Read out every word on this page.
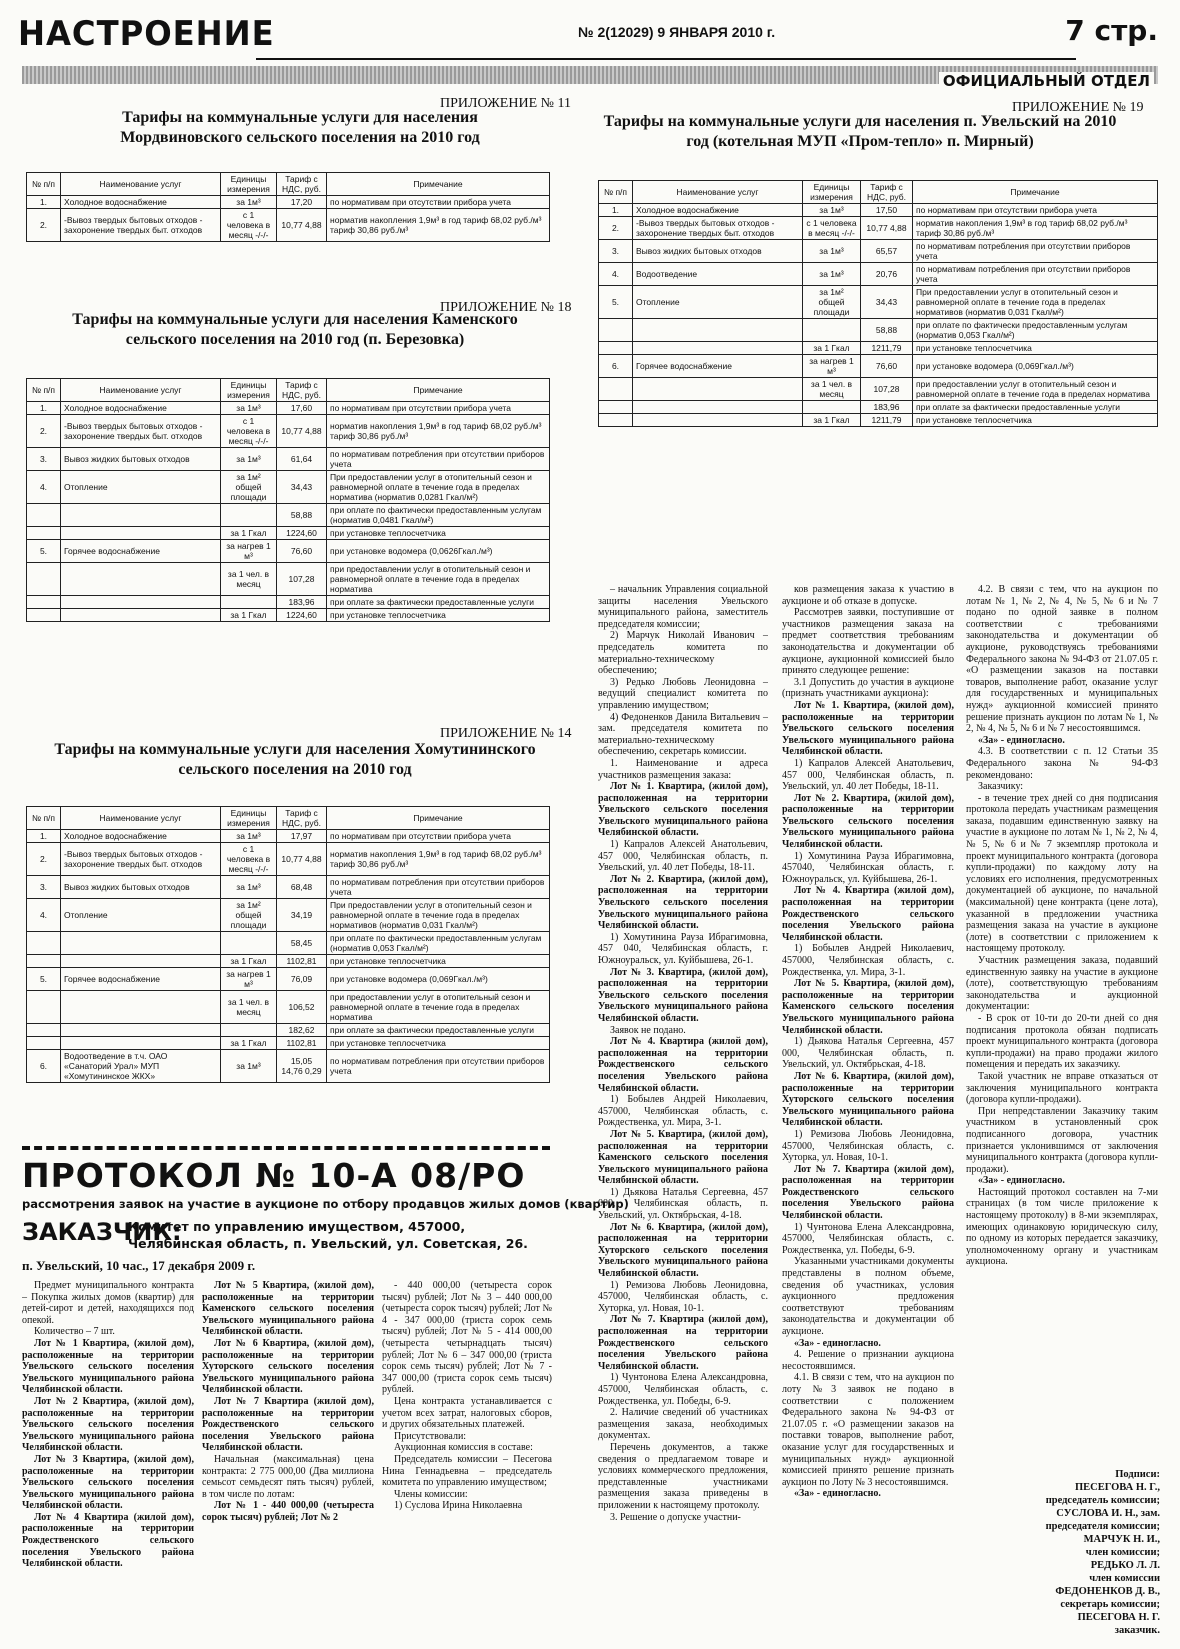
НАСТРОЕНИЕ	№ 2(12029) 9 ЯНВАРЯ 2010 г.	7 стр.
ОФИЦИАЛЬНЫЙ ОТДЕЛ
ПРИЛОЖЕНИЕ № 11
Тарифы на коммунальные услуги для населения Мордвиновского сельского поселения на 2010 год
№ п/п	Наименование услуг	Единицы измерения	Тариф с НДС, руб.	Примечание
1.	Холодное водоснабжение	за 1м³	17,20	по нормативам при отсутствии прибора учета
2.	-Вывоз твердых бытовых отходов - захоронение твердых быт. отходов	с 1 человека в месяц -/-/-	10,77 4,88	норматив накопления 1,9м³ в год тариф 68,02 руб./м³ тариф 30,86 руб./м³
ПРИЛОЖЕНИЕ № 18
Тарифы на коммунальные услуги для населения Каменского сельского поселения на 2010 год (п. Березовка)
№ п/п	Наименование услуг	Единицы измерения	Тариф с НДС, руб.	Примечание
1.	Холодное водоснабжение	за 1м³	17,60	по нормативам при отсутствии прибора учета
2.	-Вывоз твердых бытовых отходов - захоронение твердых быт. отходов	с 1 человека в месяц -/-/-	10,77 4,88	норматив накопления 1,9м³ в год тариф 68,02 руб./м³ тариф 30,86 руб./м³
3.	Вывоз жидких бытовых отходов	за 1м³	61,64	по нормативам потребления при отсутствии приборов учета
4.	Отопление	за 1м² общей площади	34,43	При предоставлении услуг в отопительный сезон и равномерной оплате в течение года в пределах норматива (норматив 0,0281 Гкал/м²)
			58,88	при оплате по фактически предоставленным услугам (норматив 0,0481 Гкал/м²)
		за 1 Гкал	1224,60	при установке теплосчетчика
5.	Горячее водоснабжение	за нагрев 1 м³	76,60	при установке водомера (0,0626Гкал./м³)
		за 1 чел. в месяц	107,28	при предоставлении услуг в отопительный сезон и равномерной оплате в течение года в пределах норматива
			183,96	при оплате за фактически предоставленные услуги
		за 1 Гкал	1224,60	при установке теплосчетчика
ПРИЛОЖЕНИЕ № 14
Тарифы на коммунальные услуги для населения Хомутининского сельского поселения на 2010 год
№ п/п	Наименование услуг	Единицы измерения	Тариф с НДС, руб.	Примечание
1.	Холодное водоснабжение	за 1м³	17,97	по нормативам при отсутствии прибора учета
2.	-Вывоз твердых бытовых отходов - захоронение твердых быт. отходов	с 1 человека в месяц -/-/-	10,77 4,88	норматив накопления 1,9м³ в год тариф 68,02 руб./м³ тариф 30,86 руб./м³
3.	Вывоз жидких бытовых отходов	за 1м³	68,48	по нормативам потребления при отсутствии приборов учета
4.	Отопление	за 1м² общей площади	34,19	При предоставлении услуг в отопительный сезон и равномерной оплате в течение года в пределах нормативов (норматив 0,031 Гкал/м²)
			58,45	при оплате по фактически предоставленным услугам (норматив 0,053 Гкал/м²)
		за 1 Гкал	1102,81	при установке теплосчетчика
5.	Горячее водоснабжение	за нагрев 1 м³	76,09	при установке водомера (0,069Гкал./м³)
		за 1 чел. в месяц	106,52	при предоставлении услуг в отопительный сезон и равномерной оплате в течение года в пределах норматива
			182,62	при оплате за фактически предоставленные услуги
		за 1 Гкал	1102,81	при установке теплосчетчика
6.	Водоотведение в т.ч. ОАО «Санаторий Урал» МУП «Хомутининское ЖКХ»	за 1м³	15,05 14,76 0,29	по нормативам потребления при отсутствии приборов учета
ПРИЛОЖЕНИЕ № 19
Тарифы на коммунальные услуги для населения п. Увельский на 2010 год (котельная МУП «Пром-тепло» п. Мирный)
№ п/п	Наименование услуг	Единицы измерения	Тариф с НДС, руб.	Примечание
1.	Холодное водоснабжение	за 1м³	17,50	по нормативам при отсутствии прибора учета
2.	-Вывоз твердых бытовых отходов - захоронение твердых быт. отходов	с 1 человека в месяц -/-/-	10,77 4,88	норматив накопления 1,9м³ в год тариф 68,02 руб./м³ тариф 30,86 руб./м³
3.	Вывоз жидких бытовых отходов	за 1м³	65,57	по нормативам потребления при отсутствии приборов учета
4.	Водоотведение	за 1м³	20,76	по нормативам потребления при отсутствии приборов учета
5.	Отопление	за 1м² общей площади	34,43	При предоставлении услуг в отопительный сезон и равномерной оплате в течение года в пределах нормативов (норматив 0,031 Гкал/м²)
			58,88	при оплате по фактически предоставленным услугам (норматив 0,053 Гкал/м²)
		за 1 Гкал	1211,79	при установке теплосчетчика
6.	Горячее водоснабжение	за нагрев 1 м³	76,60	при установке водомера (0,069Гкал./м³)
		за 1 чел. в месяц	107,28	при предоставлении услуг в отопительный сезон и равномерной оплате в течение года в пределах норматива
			183,96	при оплате за фактически предоставленные услуги
		за 1 Гкал	1211,79	при установке теплосчетчика
ПРОТОКОЛ № 10-А 08/РО
рассмотрения заявок на участие в аукционе по отбору продавцов жилых домов (квартир)
ЗАКАЗЧИК:
Комитет по управлению имуществом, 457000, Челябинская область, п. Увельский, ул. Советская, 26.
п. Увельский, 10 час., 17 декабря 2009 г.

Предмет муниципального контракта – Покупка жилых домов (квартир) для детей-сирот и детей, находящихся под опекой.

Количество – 7 шт.

Лот № 1 Квартира, (жилой дом), расположенные на территории Увельского сельского поселения Увельского муниципального района Челябинской области.

Лот № 2 Квартира, (жилой дом), расположенные на территории Увельского сельского поселения Увельского муниципального района Челябинской области.

Лот № 3 Квартира, (жилой дом), расположенные на территории Увельского сельского поселения Увельского муниципального района Челябинской области.

Лот № 4 Квартира (жилой дом), расположенные на территории Рождественского сельского поселения Увельского района Челябинской области.

Лот № 5 Квартира, (жилой дом), расположенные на территории Каменского сельского поселения Увельского муниципального района Челябинской области.

Лот № 6 Квартира, (жилой дом), расположенные на территории Хуторского сельского поселения Увельского муниципального района Челябинской области.

Лот № 7 Квартира (жилой дом), расположенные на территории Рождественского сельского поселения Увельского района Челябинской области.

Начальная (максимальная) цена контракта: 2 775 000,00 (Два миллиона семьсот семьдесят пять тысяч) рублей, в том числе по лотам:

Лот № 1 - 440 000,00 (четыреста сорок тысяч) рублей; Лот № 2

- 440 000,00 (четыреста сорок тысяч) рублей; Лот № 3 – 440 000,00 (четыреста сорок тысяч) рублей; Лот № 4 - 347 000,00 (триста сорок семь тысяч) рублей; Лот № 5 - 414 000,00 (четыреста четырнадцать тысяч) рублей; Лот № 6 – 347 000,00 (триста сорок семь тысяч) рублей; Лот № 7 - 347 000,00 (триста сорок семь тысяч) рублей.

Цена контракта устанавливается с учетом всех затрат, налоговых сборов, и других обязательных платежей.

Присутствовали:

Аукционная комиссия в составе:

Председатель комиссии – Песегова Нина Геннадьевна – председатель комитета по управлению имуществом;

Члены комиссии:

1) Суслова Ирина Николаевна

– начальник Управления социальной защиты населения Увельского муниципального района, заместитель председателя комиссии;

2) Марчук Николай Иванович – председатель комитета по материально-техническому обеспечению;

3) Редько Любовь Леонидовна – ведущий специалист комитета по управлению имуществом;

4) Федоненков Данила Витальевич – зам. председателя комитета по материально-техническому обеспечению, секретарь комиссии.

1. Наименование и адреса участников размещения заказа:

Лот № 1. Квартира, (жилой дом), расположенная на территории Увельского сельского поселения Увельского муниципального района Челябинской области.

1) Капралов Алексей Анатольевич, 457 000, Челябинская область, п. Увельский, ул. 40 лет Победы, 18-11.

Лот № 2. Квартира, (жилой дом), расположенная на территории Увельского сельского поселения Увельского муниципального района Челябинской области.

1) Хомутинина Рауза Ибрагимовна, 457 040, Челябинская область, г. Южноуральск, ул. Куйбышева, 26-1.

Лот № 3. Квартира, (жилой дом), расположенная на территории Увельского сельского поселения Увельского муниципального района Челябинской области.

Заявок не подано.

Лот № 4. Квартира (жилой дом), расположенная на территории Рождественского сельского поселения Увельского района Челябинской области.

1) Бобылев Андрей Николаевич, 457000, Челябинская область, с. Рождественка, ул. Мира, 3-1.

Лот № 5. Квартира, (жилой дом), расположенная на территории Каменского сельского поселения Увельского муниципального района Челябинской области.

1) Дьякова Наталья Сергеевна, 457 000, Челябинская область, п. Увельский, ул. Октябрьская, 4-18.

Лот № 6. Квартира, (жилой дом), расположенная на территории Хуторского сельского поселения Увельского муниципального района Челябинской области.

1) Ремизова Любовь Леонидовна, 457000, Челябинская область, с. Хуторка, ул. Новая, 10-1.

Лот № 7. Квартира (жилой дом), расположенная на территории Рождественского сельского поселения Увельского района Челябинской области.

1) Чунтонова Елена Александровна, 457000, Челябинская область, с. Рождественка, ул. Победы, 6-9.

2. Наличие сведений об участниках размещения заказа, необходимых документах.

Перечень документов, а также сведения о предлагаемом товаре и условиях коммерческого предложения, представленные участниками размещения заказа приведены в приложении к настоящему протоколу.

3. Решение о допуске участни-

ков размещения заказа к участию в аукционе и об отказе в допуске.

Рассмотрев заявки, поступившие от участников размещения заказа на предмет соответствия требованиям законодательства и документации об аукционе, аукционной комиссией было принято следующее решение:

3.1 Допустить до участия в аукционе (признать участниками аукциона):

Лот № 1. Квартира, (жилой дом), расположенные на территории Увельского сельского поселения Увельского муниципального района Челябинской области.

1) Капралов Алексей Анатольевич, 457 000, Челябинская область, п. Увельский, ул. 40 лет Победы, 18-11.

Лот № 2. Квартира, (жилой дом), расположенные на территории Увельского сельского поселения Увельского муниципального района Челябинской области.

1) Хомутинина Рауза Ибрагимовна, 457040, Челябинская область, г. Южноуральск, ул. Куйбышева, 26-1.

Лот № 4. Квартира (жилой дом), расположенная на территории Рождественского сельского поселения Увельского района Челябинской области.

1) Бобылев Андрей Николаевич, 457000, Челябинская область, с. Рождественка, ул. Мира, 3-1.

Лот № 5. Квартира, (жилой дом), расположенные на территории Каменского сельского поселения Увельского муниципального района Челябинской области.

1) Дьякова Наталья Сергеевна, 457 000, Челябинская область, п. Увельский, ул. Октябрьская, 4-18.

Лот № 6. Квартира, (жилой дом), расположенные на территории Хуторского сельского поселения Увельского муниципального района Челябинской области.

1) Ремизова Любовь Леонидовна, 457000, Челябинская область, с. Хуторка, ул. Новая, 10-1.

Лот № 7. Квартира (жилой дом), расположенная на территории Рождественского сельского поселения Увельского района Челябинской области.

1) Чунтонова Елена Александровна, 457000, Челябинская область, с. Рождественка, ул. Победы, 6-9.

Указанными участниками документы представлены в полном объеме, сведения об участниках, условия аукционного предложения соответствуют требованиям законодательства и документации об аукционе.

«За» - единогласно.

4. Решение о признании аукциона несостоявшимся.

4.1. В связи с тем, что на аукцион по лоту №3 заявок не подано в соответствии с положением Федерального закона № 94-ФЗ от 21.07.05 г. «О размещении заказов на поставки товаров, выполнение работ, оказание услуг для государственных и муниципальных нужд» аукционной комиссией принято решение признать аукцион по Лоту № 3 несостоявшимся.

«За» - единогласно.

4.2. В связи с тем, что на аукцион по лотам № 1, № 2, № 4, № 5, № 6 и № 7 подано по одной заявке в полном соответствии с требованиями законодательства и документации об аукционе, руководствуясь требованиями Федерального закона № 94-ФЗ от 21.07.05 г. «О размещении заказов на поставки товаров, выполнение работ, оказание услуг для государственных и муниципальных нужд» аукционной комиссией принято решение признать аукцион по лотам № 1, № 2, № 4, № 5, № 6 и № 7 несостоявшимся.

«За» - единогласно.

4.3. В соответствии с п. 12 Статьи 35 Федерального закона № 94-ФЗ рекомендовано:

Заказчику:

- в течение трех дней со дня подписания протокола передать участникам размещения заказа, подавшим единственную заявку на участие в аукционе по лотам № 1, № 2, № 4, № 5, № 6 и № 7 экземпляр протокола и проект муниципального контракта (договора купли-продажи) по каждому лоту на условиях его исполнения, предусмотренных документацией об аукционе, по начальной (максимальной) цене контракта (цене лота), указанной в предложении участника размещения заказа на участие в аукционе (лоте) в соответствии с приложением к настоящему протоколу.

Участник размещения заказа, подавший единственную заявку на участие в аукционе (лоте), соответствующую требованиям законодательства и аукционной документации:

- В срок от 10-ти до 20-ти дней со дня подписания протокола обязан подписать проект муниципального контракта (договора купли-продажи) на право продажи жилого помещения и передать их заказчику.

Такой участник не вправе отказаться от заключения муниципального контракта (договора купли-продажи).

При непредставлении Заказчику таким участником в установленный срок подписанного договора, участник признается уклонившимся от заключения муниципального контракта (договора купли-продажи).

«За» - единогласно.

Настоящий протокол составлен на 7-ми страницах (в том числе приложение к настоящему протоколу) в 8-ми экземплярах, имеющих одинаковую юридическую силу, по одному из которых передается заказчику, уполномоченному органу и участникам аукциона.

Подписи:
ПЕСЕГОВА Н. Г.,
председатель комиссии;
СУСЛОВА И. Н., зам.
председателя комиссии;
МАРЧУК Н. И.,
член комиссии;
РЕДЬКО Л. Л.
член комиссии
ФЕДОНЕНКОВ Д. В.,
секретарь комиссии;
ПЕСЕГОВА Н. Г.
заказчик.
